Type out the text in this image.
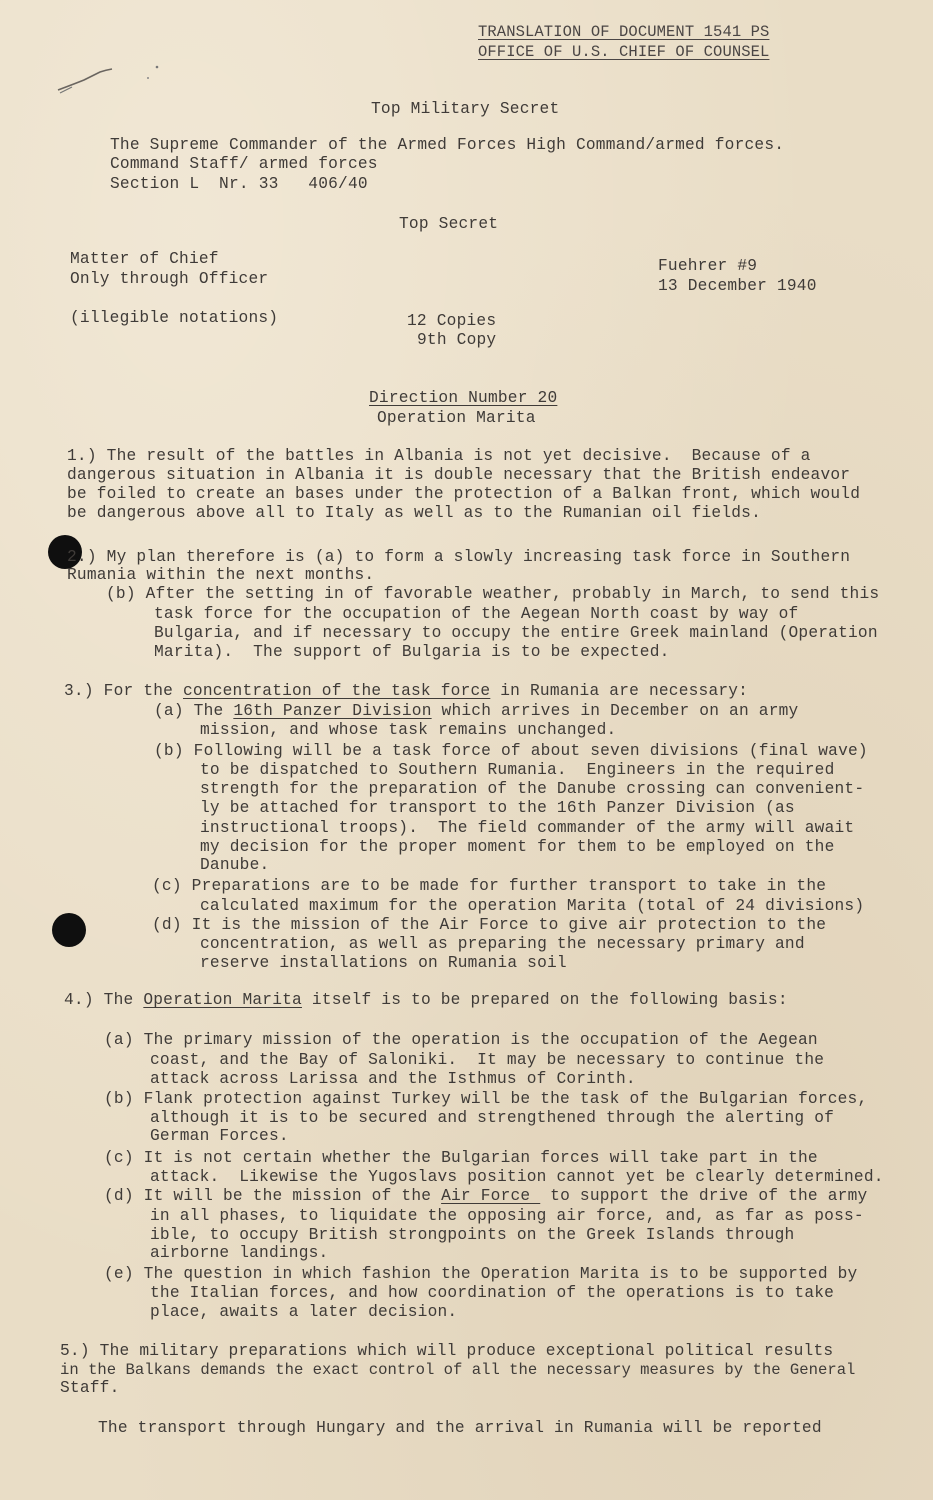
TRANSLATION OF DOCUMENT 1541 PS
OFFICE OF U.S. CHIEF OF COUNSEL
Top Military Secret
The Supreme Commander of the Armed Forces High Command/armed forces.
Command Staff/ armed forces
Section L  Nr. 33   406/40
Top Secret
Matter of Chief
Only through Officer
Fuehrer #9
13 December 1940
(illegible notations)	12 Copies
9th Copy
Direction Number 20
Operation Marita
1.) The result of the battles in Albania is not yet decisive.  Because of a
dangerous situation in Albania it is double necessary that the British endeavor
be foiled to create an bases under the protection of a Balkan front, which would
be dangerous above all to Italy as well as to the Rumanian oil fields.
2.) My plan therefore is (a) to form a slowly increasing task force in Southern
Rumania within the next months.
(b) After the setting in of favorable weather, probably in March, to send this
task force for the occupation of the Aegean North coast by way of
Bulgaria, and if necessary to occupy the entire Greek mainland (Operation
Marita).  The support of Bulgaria is to be expected.
3.) For the concentration of the task force in Rumania are necessary:
(a) The 16th Panzer Division which arrives in December on an army
mission, and whose task remains unchanged.
(b) Following will be a task force of about seven divisions (final wave)
to be dispatched to Southern Rumania.  Engineers in the required
strength for the preparation of the Danube crossing can convenient-
ly be attached for transport to the 16th Panzer Division (as
instructional troops).  The field commander of the army will await
my decision for the proper moment for them to be employed on the
Danube.
(c) Preparations are to be made for further transport to take in the
calculated maximum for the operation Marita (total of 24 divisions)
(d) It is the mission of the Air Force to give air protection to the
concentration, as well as preparing the necessary primary and
reserve installations on Rumania soil
4.) The Operation Marita itself is to be prepared on the following basis:
(a) The primary mission of the operation is the occupation of the Aegean
coast, and the Bay of Saloniki.  It may be necessary to continue the
attack across Larissa and the Isthmus of Corinth.
(b) Flank protection against Turkey will be the task of the Bulgarian forces,
although it is to be secured and strengthened through the alerting of
German Forces.
(c) It is not certain whether the Bulgarian forces will take part in the
attack.  Likewise the Yugoslavs position cannot yet be clearly determined.
(d) It will be the mission of the Air Force  to support the drive of the army
in all phases, to liquidate the opposing air force, and, as far as poss-
ible, to occupy British strongpoints on the Greek Islands through
airborne landings.
(e) The question in which fashion the Operation Marita is to be supported by
the Italian forces, and how coordination of the operations is to take
place, awaits a later decision.
5.) The military preparations which will produce exceptional political results
in the Balkans demands the exact control of all the necessary measures by the General
Staff.
The transport through Hungary and the arrival in Rumania will be reported
